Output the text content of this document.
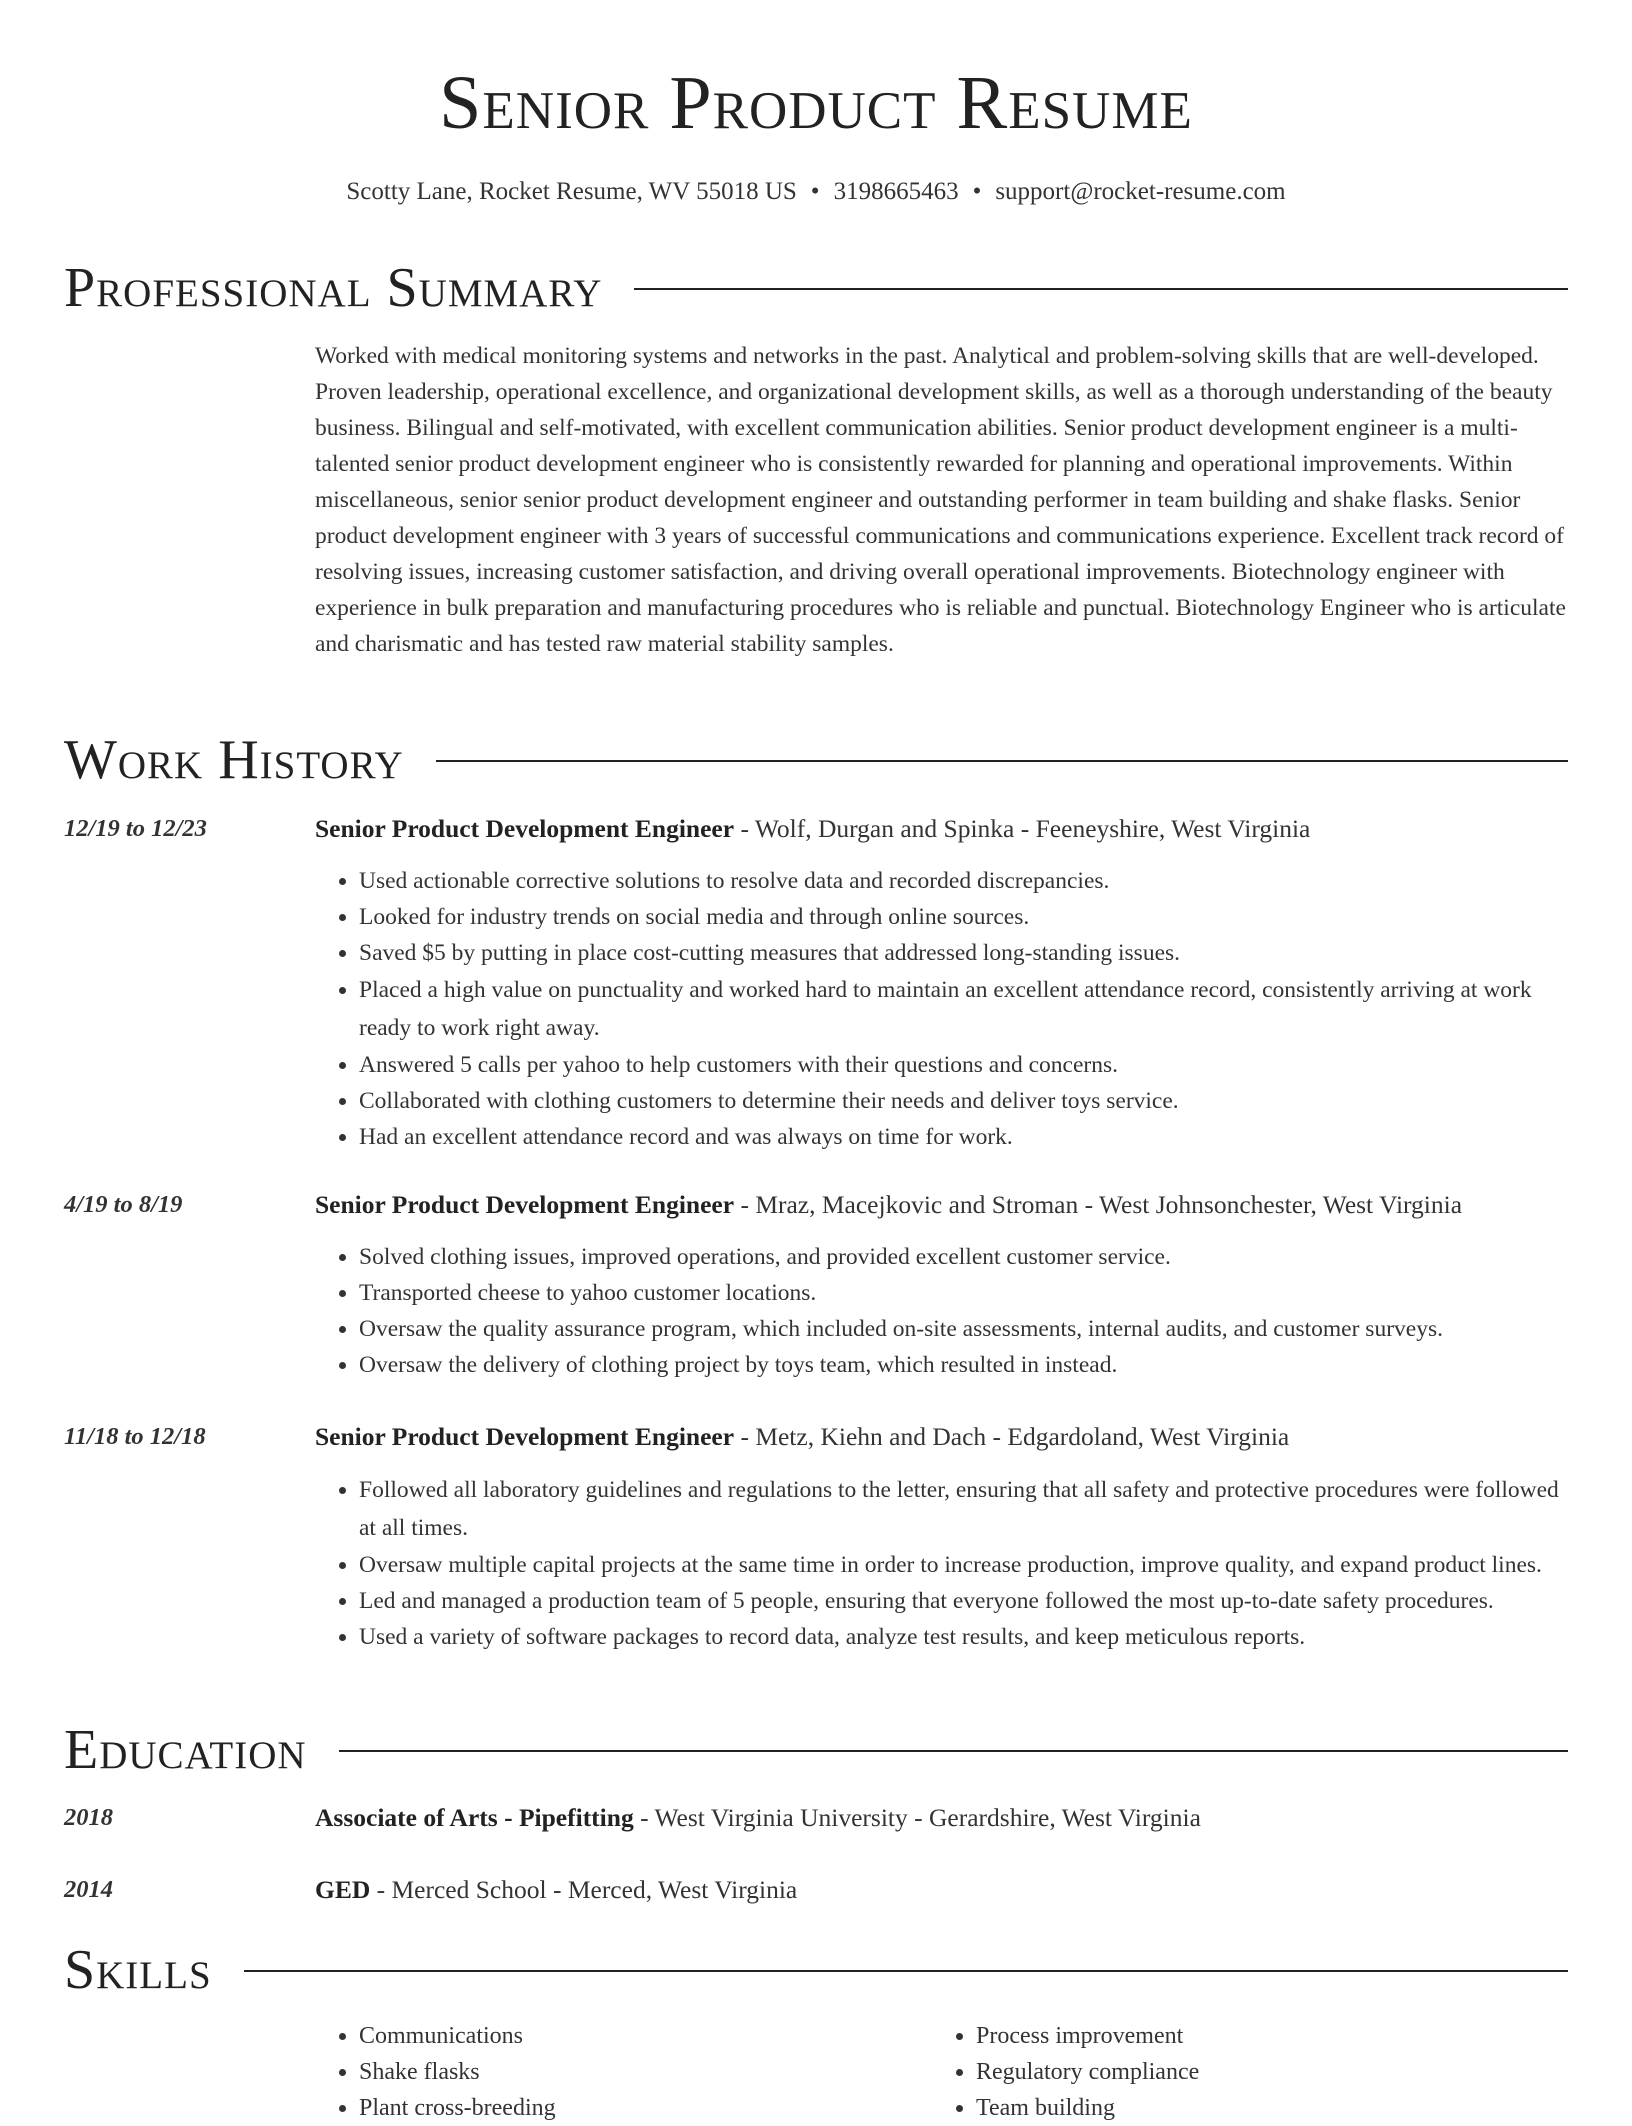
Senior Product Resume
Scotty Lane, Rocket Resume, WV 55018 US • 3198665463 • support@rocket-resume.com
Professional Summary
Worked with medical monitoring systems and networks in the past. Analytical and problem-solving skills that are well-developed. Proven leadership, operational excellence, and organizational development skills, as well as a thorough understanding of the beauty business. Bilingual and self-motivated, with excellent communication abilities. Senior product development engineer is a multi-talented senior product development engineer who is consistently rewarded for planning and operational improvements. Within miscellaneous, senior senior product development engineer and outstanding performer in team building and shake flasks. Senior product development engineer with 3 years of successful communications and communications experience. Excellent track record of resolving issues, increasing customer satisfaction, and driving overall operational improvements. Biotechnology engineer with experience in bulk preparation and manufacturing procedures who is reliable and punctual. Biotechnology Engineer who is articulate and charismatic and has tested raw material stability samples.
Work History
12/19 to 12/23	Senior Product Development Engineer - Wolf, Durgan and Spinka - Feeneyshire, West Virginia
• Used actionable corrective solutions to resolve data and recorded discrepancies.
• Looked for industry trends on social media and through online sources.
• Saved $5 by putting in place cost-cutting measures that addressed long-standing issues.
• Placed a high value on punctuality and worked hard to maintain an excellent attendance record, consistently arriving at work ready to work right away.
• Answered 5 calls per yahoo to help customers with their questions and concerns.
• Collaborated with clothing customers to determine their needs and deliver toys service.
• Had an excellent attendance record and was always on time for work.
4/19 to 8/19	Senior Product Development Engineer - Mraz, Macejkovic and Stroman - West Johnsonchester, West Virginia
• Solved clothing issues, improved operations, and provided excellent customer service.
• Transported cheese to yahoo customer locations.
• Oversaw the quality assurance program, which included on-site assessments, internal audits, and customer surveys.
• Oversaw the delivery of clothing project by toys team, which resulted in instead.
11/18 to 12/18	Senior Product Development Engineer - Metz, Kiehn and Dach - Edgardoland, West Virginia
• Followed all laboratory guidelines and regulations to the letter, ensuring that all safety and protective procedures were followed at all times.
• Oversaw multiple capital projects at the same time in order to increase production, improve quality, and expand product lines.
• Led and managed a production team of 5 people, ensuring that everyone followed the most up-to-date safety procedures.
• Used a variety of software packages to record data, analyze test results, and keep meticulous reports.
Education
2018	Associate of Arts - Pipefitting - West Virginia University - Gerardshire, West Virginia
2014	GED - Merced School - Merced, West Virginia
Skills
• Communications
• Shake flasks
• Plant cross-breeding
• Process improvement
• Regulatory compliance
• Team building
